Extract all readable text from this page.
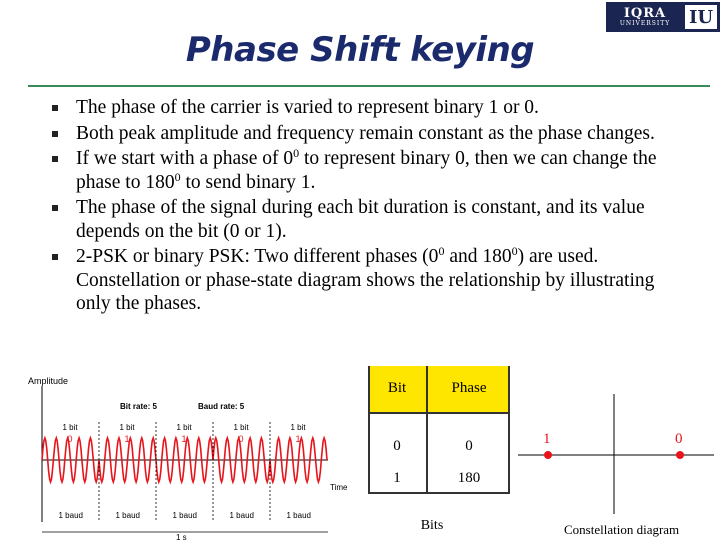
Phase Shift keying
IQRA
UNIVERSITY IU
The phase of the carrier is varied to represent binary 1 or 0.
Both peak amplitude and frequency remain constant as the phase changes.
If we start with a phase of $0^0$ to represent binary 0, then we can change the phase to $180^0$ to send binary 1.
The phase of the signal during each bit duration is constant, and its value depends on the bit (0 or 1).
2-PSK or binary PSK: Two different phases ($0^0$ and $180^0$) are used. Constellation or phase-state diagram shows the relationship by illustrating only the phases.
Amplitude
Bit rate: 5	Baud rate: 5
1 bit	1 bit	1 bit	1 bit	1 bit
0	1	1	0	1
Time
1 baud	1 baud	1 baud	1 baud	1 baud
1 s
Bit	Phase
0	0
1	180
Bits
1	0
Constellation diagram
